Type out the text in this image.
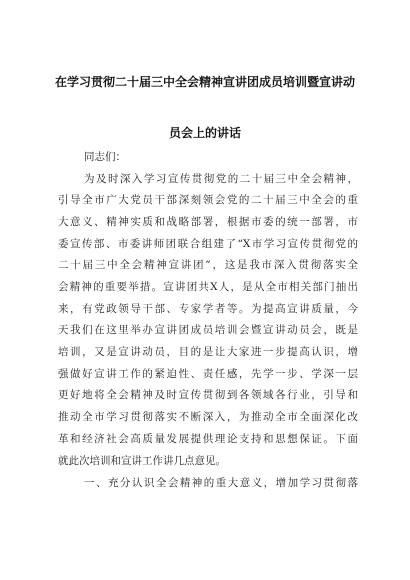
在学习贯彻二十届三中全会精神宣讲团成员培训暨宣讲动
员会上的讲话
同志们：
为及时深入学习宣传贯彻党的二十届三中全会精神，
引导全市广大党员干部深刻领会党的二十届三中全会的重
大意义、精神实质和战略部署，根据市委的统一部署，市
委宣传部、市委讲师团联合组建了“X市学习宣传贯彻党的
二十届三中全会精神宣讲团”，这是我市深入贯彻落实全
会精神的重要举措。宣讲团共X人，是从全市相关部门抽出
来，有党政领导干部、专家学者等。为提高宣讲质量，今
天我们在这里举办宣讲团成员培训会暨宣讲动员会，既是
培训，又是宣讲动员，目的是让大家进一步提高认识，增
强做好宣讲工作的紧迫性、责任感，先学一步、学深一层
更好地将全会精神及时宣传贯彻到各领域各行业，引导和
推动全市学习贯彻落实不断深入，为推动全市全面深化改
革和经济社会高质量发展提供理论支持和思想保证。下面
就此次培训和宣讲工作讲几点意见。
一、充分认识全会精神的重大意义，增加学习贯彻落
